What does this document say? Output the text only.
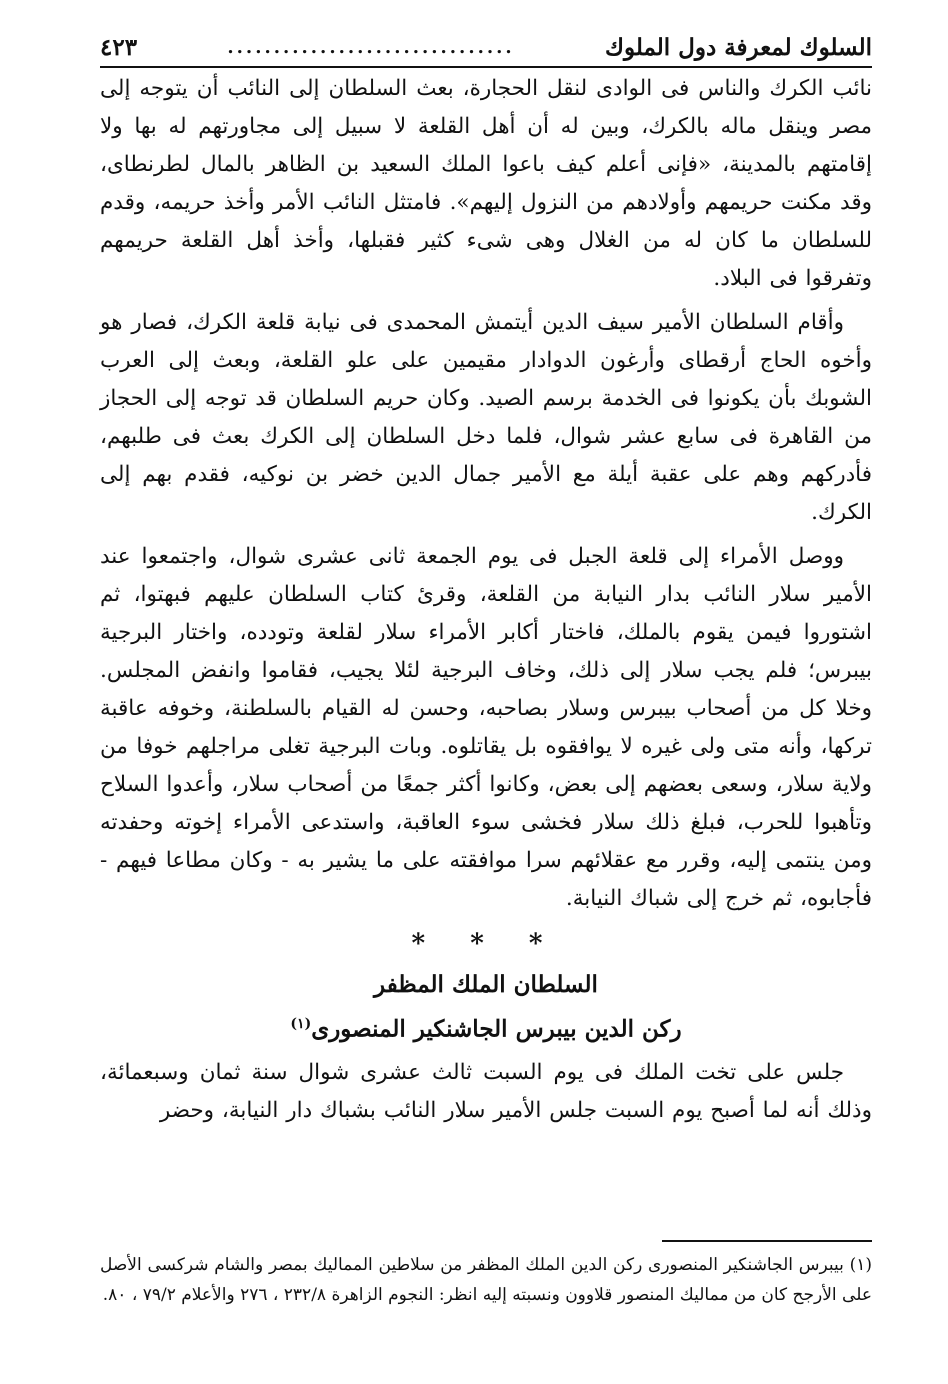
السلوك لمعرفة دول الملوك
...............................
٤٢٣

نائب الكرك والناس فى الوادى لنقل الحجارة، بعث السلطان إلى النائب أن يتوجه إلى مصر وينقل ماله بالكرك، وبين له أن أهل القلعة لا سبيل إلى مجاورتهم له بها ولا إقامتهم بالمدينة، «فإنى أعلم كيف باعوا الملك السعيد بن الظاهر بالمال لطرنطاى، وقد مكنت حريمهم وأولادهم من النزول إليهم». فامتثل النائب الأمر وأخذ حريمه، وقدم للسلطان ما كان له من الغلال وهى شىء كثير فقبلها، وأخذ أهل القلعة حريمهم وتفرقوا فى البلاد.

وأقام السلطان الأمير سيف الدين أيتمش المحمدى فى نيابة قلعة الكرك، فصار هو وأخوه الحاج أرقطاى وأرغون الدوادار مقيمين على علو القلعة، وبعث إلى العرب الشوبك بأن يكونوا فى الخدمة برسم الصيد. وكان حريم السلطان قد توجه إلى الحجاز من القاهرة فى سابع عشر شوال، فلما دخل السلطان إلى الكرك بعث فى طلبهم، فأدركهم وهم على عقبة أيلة مع الأمير جمال الدين خضر بن نوكيه، فقدم بهم إلى الكرك.

ووصل الأمراء إلى قلعة الجبل فى يوم الجمعة ثانى عشرى شوال، واجتمعوا عند الأمير سلار النائب بدار النيابة من القلعة، وقرئ كتاب السلطان عليهم فبهتوا، ثم اشتوروا فيمن يقوم بالملك، فاختار أكابر الأمراء سلار لقلعة وتودده، واختار البرجية بيبرس؛ فلم يجب سلار إلى ذلك، وخاف البرجية لئلا يجيب، فقاموا وانفض المجلس. وخلا كل من أصحاب بيبرس وسلار بصاحبه، وحسن له القيام بالسلطنة، وخوفه عاقبة تركها، وأنه متى ولى غيره لا يوافقوه بل يقاتلوه. وبات البرجية تغلى مراجلهم خوفا من ولاية سلار، وسعى بعضهم إلى بعض، وكانوا أكثر جمعًا من أصحاب سلار، وأعدوا السلاح وتأهبوا للحرب، فبلغ ذلك سلار فخشى سوء العاقبة، واستدعى الأمراء إخوته وحفدته ومن ينتمى إليه، وقرر مع عقلائهم سرا موافقته على ما يشير به - وكان مطاعا فيهم - فأجابوه، ثم خرج إلى شباك النيابة.

* * *
السلطان الملك المظفر
ركن الدين بيبرس الجاشنكير المنصورى$^{(١)}$

جلس على تخت الملك فى يوم السبت ثالث عشرى شوال سنة ثمان وسبعمائة، وذلك أنه لما أصبح يوم السبت جلس الأمير سلار النائب بشباك دار النيابة، وحضر

(١) بيبرس الجاشنكير المنصورى ركن الدين الملك المظفر من سلاطين المماليك بمصر والشام شركسى الأصل على الأرجح كان من مماليك المنصور قلاوون ونسبته إليه انظر: النجوم الزاهرة ٢٣٢/٨ ، ٢٧٦ والأعلام ٧٩/٢ ، ٨٠.
